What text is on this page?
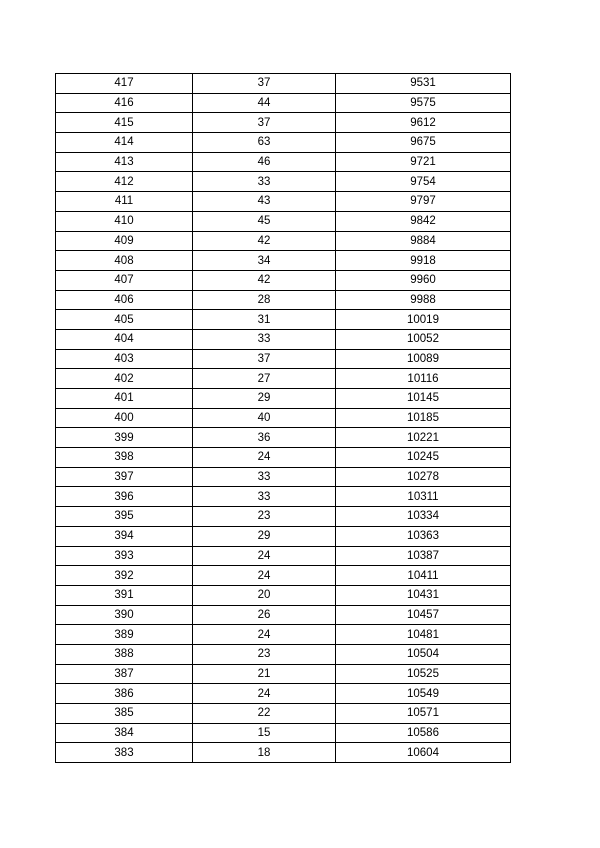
417	37	9531
416	44	9575
415	37	9612
414	63	9675
413	46	9721
412	33	9754
411	43	9797
410	45	9842
409	42	9884
408	34	9918
407	42	9960
406	28	9988
405	31	10019
404	33	10052
403	37	10089
402	27	10116
401	29	10145
400	40	10185
399	36	10221
398	24	10245
397	33	10278
396	33	10311
395	23	10334
394	29	10363
393	24	10387
392	24	10411
391	20	10431
390	26	10457
389	24	10481
388	23	10504
387	21	10525
386	24	10549
385	22	10571
384	15	10586
383	18	10604
